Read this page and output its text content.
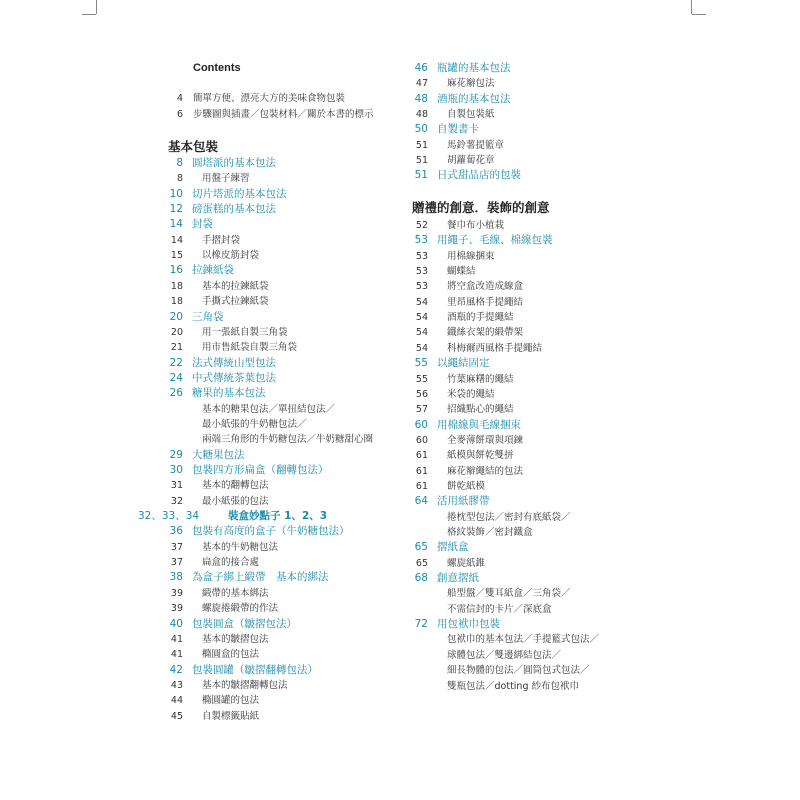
Contents
4 簡單方便、漂亮大方的美味食物包裝
6 步驟圖與插畫／包裝材料／關於本書的標示
基本包裝
8 圓塔派的基本包法
8 用盤子練習
10 切片塔派的基本包法
12 磅蛋糕的基本包法
14 封袋
14 手摺封袋
15 以橡皮筋封袋
16 拉鍊紙袋
18 基本的拉鍊紙袋
18 手撕式拉鍊紙袋
20 三角袋
20 用一張紙自製三角袋
21 用市售紙袋自製三角袋
22 法式傳統山型包法
24 中式傳統茶葉包法
26 糖果的基本包法
基本的糖果包法／單扭結包法／
最小紙張的牛奶糖包法／
兩端三角形的牛奶糖包法／牛奶糖甜心圈
29 大糖果包法
30 包裝四方形扁盒（翻轉包法）
31 基本的翻轉包法
32 最小紙張的包法
32、33、34	裝盒妙點子 1、2、3
36 包裝有高度的盒子（牛奶糖包法）
37 基本的牛奶糖包法
37 扁盒的接合處
38 為盒子綁上緞帶　基本的綁法
39 緞帶的基本綁法
39 螺旋捲緞帶的作法
40 包裝圓盒（皺摺包法）
41 基本的皺摺包法
41 橢圓盒的包法
42 包裝圓罐（皺摺翻轉包法）
43 基本的皺摺翻轉包法
44 橢圓罐的包法
45 自製標籤貼紙
46 瓶罐的基本包法
47 麻花辮包法
48 酒瓶的基本包法
48 自製包裝紙
50 自製書卡
51 馬鈴薯提籃章
51 胡蘿蔔花章
51 日式甜品店的包裝
贈禮的創意．裝飾的創意
52 餐巾布小植栽
53 用繩子、毛線、棉線包裝
53 用棉線捆束
53 蝴蝶結
53 將空盒改造成線盒
54 里昂風格手提繩結
54 酒瓶的手提繩結
54 鐵絲衣架的緞帶架
54 科梅爾西風格手提繩結
55 以繩結固定
55 竹葉麻糬的繩結
56 米袋的繩結
57 招織點心的繩結
60 用棉線與毛線捆束
60 全麥薄餅環與項鍊
61 紙模與餅乾雙拼
61 麻花辮繩結的包法
61 餅乾紙模
64 活用紙膠帶
捲枕型包法／密封有底紙袋／
格紋裝飾／密封鐵盒
65 摺紙盒
65 螺旋紙錐
68 創意摺紙
船型盤／雙耳紙盒／三角袋／
不需信封的卡片／深底盒
72 用包袱巾包裝
包袱巾的基本包法／手提籃式包法／
球體包法／雙邊綁結包法／
細長物體的包法／圓筒包式包法／
雙瓶包法／dotting 紗布包袱巾
